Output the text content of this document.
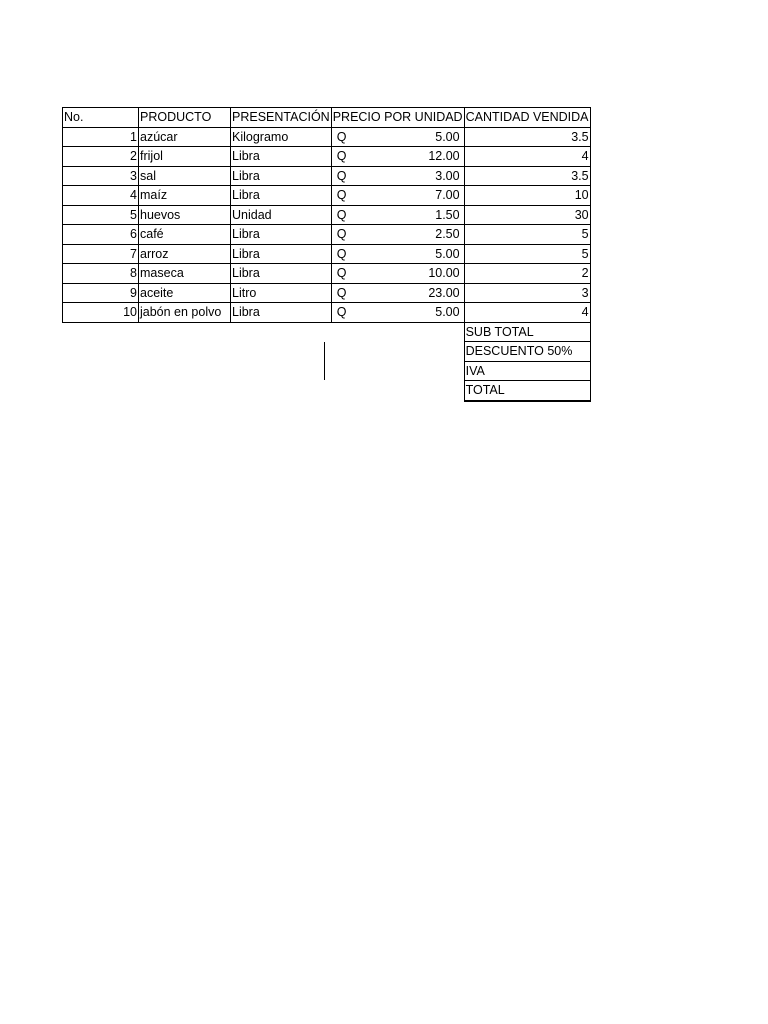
No.	PRODUCTO	PRESENTACIÓN	PRECIO POR UNIDAD	CANTIDAD VENDIDA
1	azúcar	Kilogramo	Q 5.00	3.5
2	frijol	Libra	Q 12.00	4
3	sal	Libra	Q 3.00	3.5
4	maíz	Libra	Q 7.00	10
5	huevos	Unidad	Q 1.50	30
6	café	Libra	Q 2.50	5
7	arroz	Libra	Q 5.00	5
8	maseca	Libra	Q 10.00	2
9	aceite	Litro	Q 23.00	3
10	jabón en polvo	Libra	Q 5.00	4
				SUB TOTAL
				DESCUENTO 50%
				IVA
				TOTAL
